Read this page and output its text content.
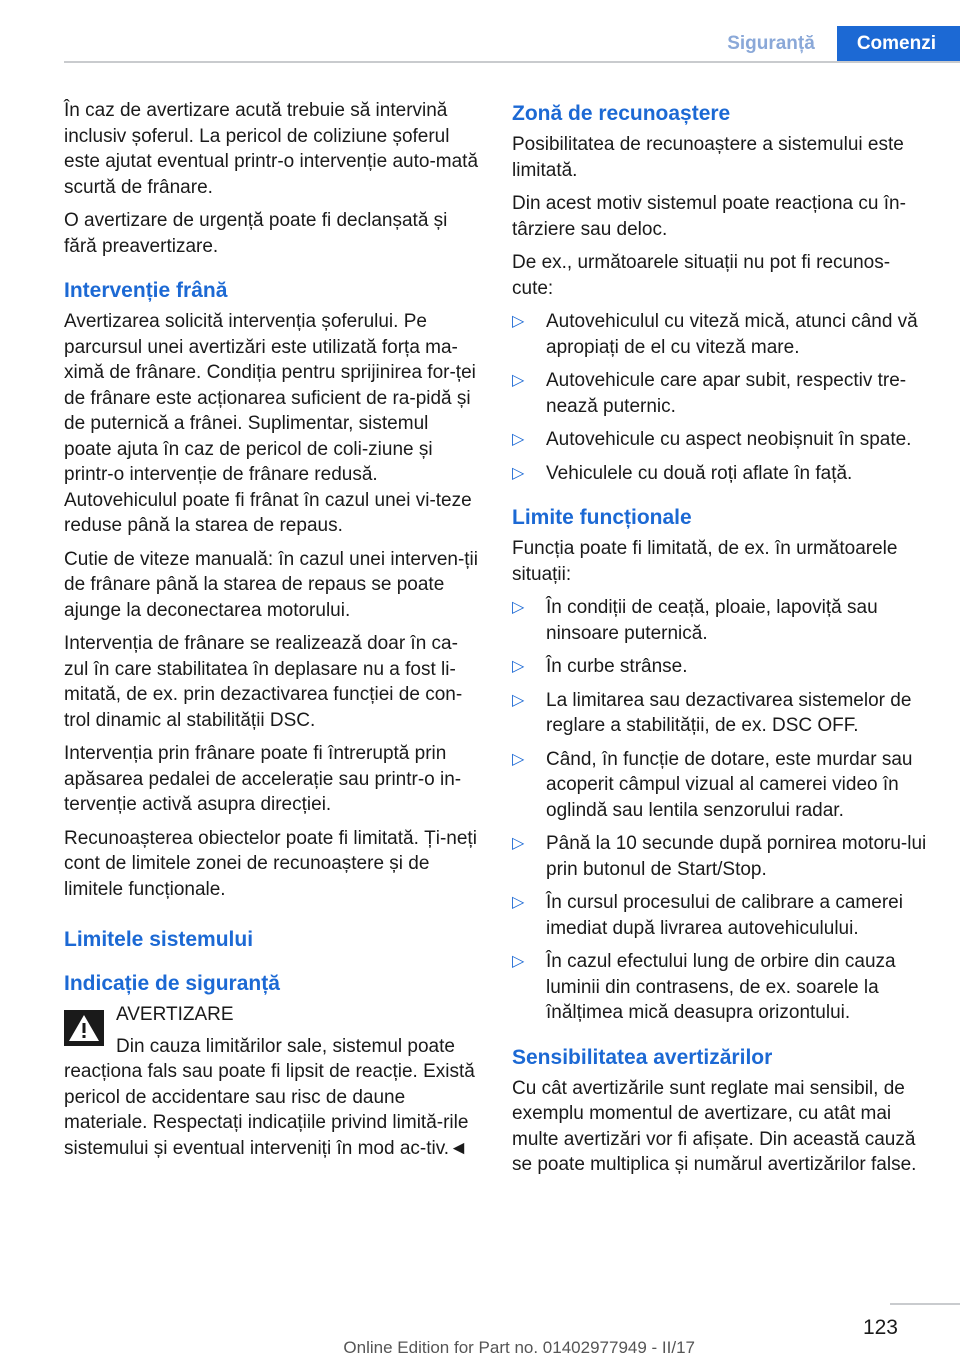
Siguranță	Comenzi

În caz de avertizare acută trebuie să intervină inclusiv șoferul. La pericol de coliziune șoferul este ajutat eventual printr-o intervenție auto-mată scurtă de frânare.

O avertizare de urgență poate fi declanșată și fără preavertizare.

Intervenție frână

Avertizarea solicită intervenția șoferului. Pe parcursul unei avertizări este utilizată forța ma-ximă de frânare. Condiția pentru sprijinirea for-ței de frânare este acționarea suficient de ra-pidă și de puternică a frânei. Suplimentar, sistemul poate ajuta în caz de pericol de coli-ziune și printr-o intervenție de frânare redusă. Autovehiculul poate fi frânat în cazul unei vi-teze reduse până la starea de repaus.

Cutie de viteze manuală: în cazul unei interven-ții de frânare până la starea de repaus se poate ajunge la deconectarea motorului.

Intervenția de frânare se realizează doar în ca-zul în care stabilitatea în deplasare nu a fost li-mitată, de ex. prin dezactivarea funcției de con-trol dinamic al stabilității DSC.

Intervenția prin frânare poate fi întreruptă prin apăsarea pedalei de accelerație sau printr-o in-tervenție activă asupra direcției.

Recunoașterea obiectelor poate fi limitată. Ți-neți cont de limitele zonei de recunoaștere și de limitele funcționale.

Limitele sistemului
Indicație de siguranță

AVERTIZARE

Din cauza limitărilor sale, sistemul poate reacționa fals sau poate fi lipsit de reacție. Există pericol de accidentare sau risc de daune materiale. Respectați indicațiile privind limită-rile sistemului și eventual interveniți în mod ac-tiv.◄

Zonă de recunoaștere

Posibilitatea de recunoaștere a sistemului este limitată.

Din acest motiv sistemul poate reacționa cu în-târziere sau deloc.

De ex., următoarele situații nu pot fi recunos-cute:

▷ Autovehiculul cu viteză mică, atunci când vă apropiați de el cu viteză mare.
▷ Autovehicule care apar subit, respectiv tre-nează puternic.
▷ Autovehicule cu aspect neobișnuit în spate.
▷ Vehiculele cu două roți aflate în față.
Limite funcționale

Funcția poate fi limitată, de ex. în următoarele situații:

▷ În condiții de ceață, ploaie, lapoviță sau ninsoare puternică.
▷ În curbe strânse.
▷ La limitarea sau dezactivarea sistemelor de reglare a stabilității, de ex. DSC OFF.
▷ Când, în funcție de dotare, este murdar sau acoperit câmpul vizual al camerei video în oglindă sau lentila senzorului radar.
▷ Până la 10 secunde după pornirea motoru-lui prin butonul de Start/Stop.
▷ În cursul procesului de calibrare a camerei imediat după livrarea autovehiculului.
▷ În cazul efectului lung de orbire din cauza luminii din contrasens, de ex. soarele la înălțimea mică deasupra orizontului.
Sensibilitatea avertizărilor

Cu cât avertizările sunt reglate mai sensibil, de exemplu momentul de avertizare, cu atât mai multe avertizări vor fi afișate. Din această cauză se poate multiplica și numărul avertizărilor false.

123
Online Edition for Part no. 01402977949 - II/17
